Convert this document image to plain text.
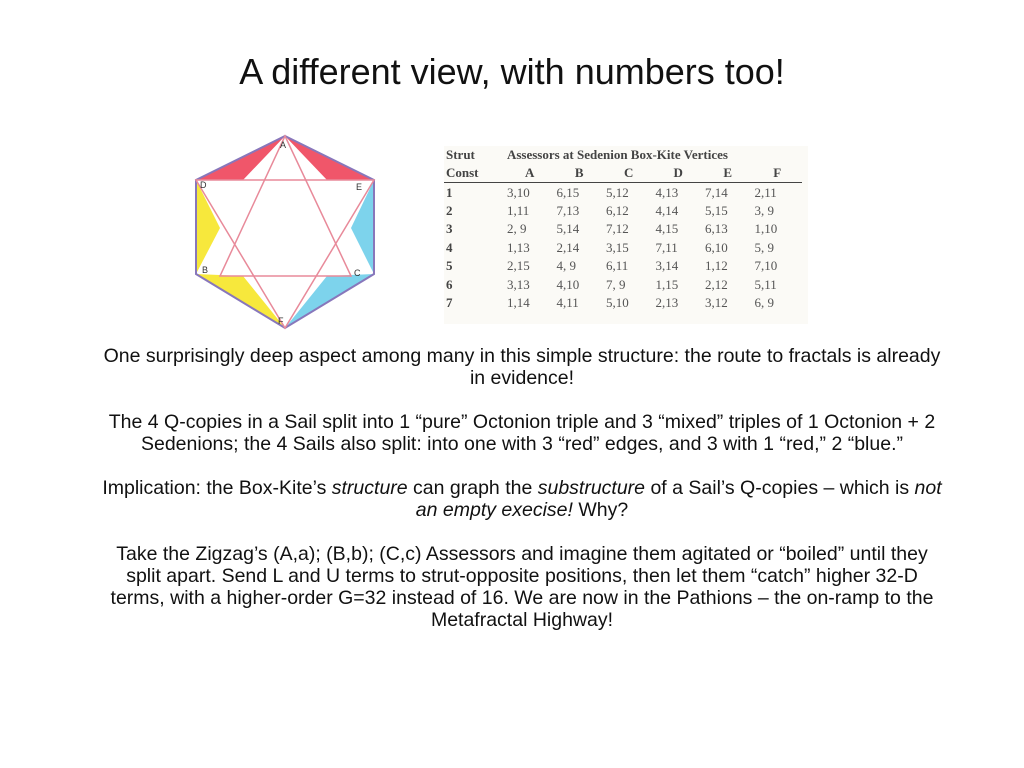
A different view, with numbers too!
A
E
C
F
B
D
Strut	Assessors at Sedenion Box-Kite Vertices					
Const	A	B	C	D	E	F
1	3,10	6,15	5,12	4,13	7,14	2,11
2	1,11	7,13	6,12	4,14	5,15	3, 9
3	2, 9	5,14	7,12	4,15	6,13	1,10
4	1,13	2,14	3,15	7,11	6,10	5, 9
5	2,15	4, 9	6,11	3,14	1,12	7,10
6	3,13	4,10	7, 9	1,15	2,12	5,11
7	1,14	4,11	5,10	2,13	3,12	6, 9

One surprisingly deep aspect among many in this simple structure: the route to fractals is already in evidence!

The 4 Q-copies in a Sail split into 1 “pure” Octonion triple and 3 “mixed” triples of 1 Octonion + 2 Sedenions; the 4 Sails also split: into one with 3 “red” edges, and 3 with 1 “red,” 2 “blue.”

Implication: the Box-Kite’s structure can graph the substructure of a Sail’s Q-copies – which is not an empty execise! Why?

Take the Zigzag’s (A,a); (B,b); (C,c) Assessors and imagine them agitated or “boiled” until they split apart. Send L and U terms to strut-opposite positions, then let them “catch” higher 32-D terms, with a higher-order G=32 instead of 16. We are now in the Pathions – the on-ramp to the Metafractal Highway!
